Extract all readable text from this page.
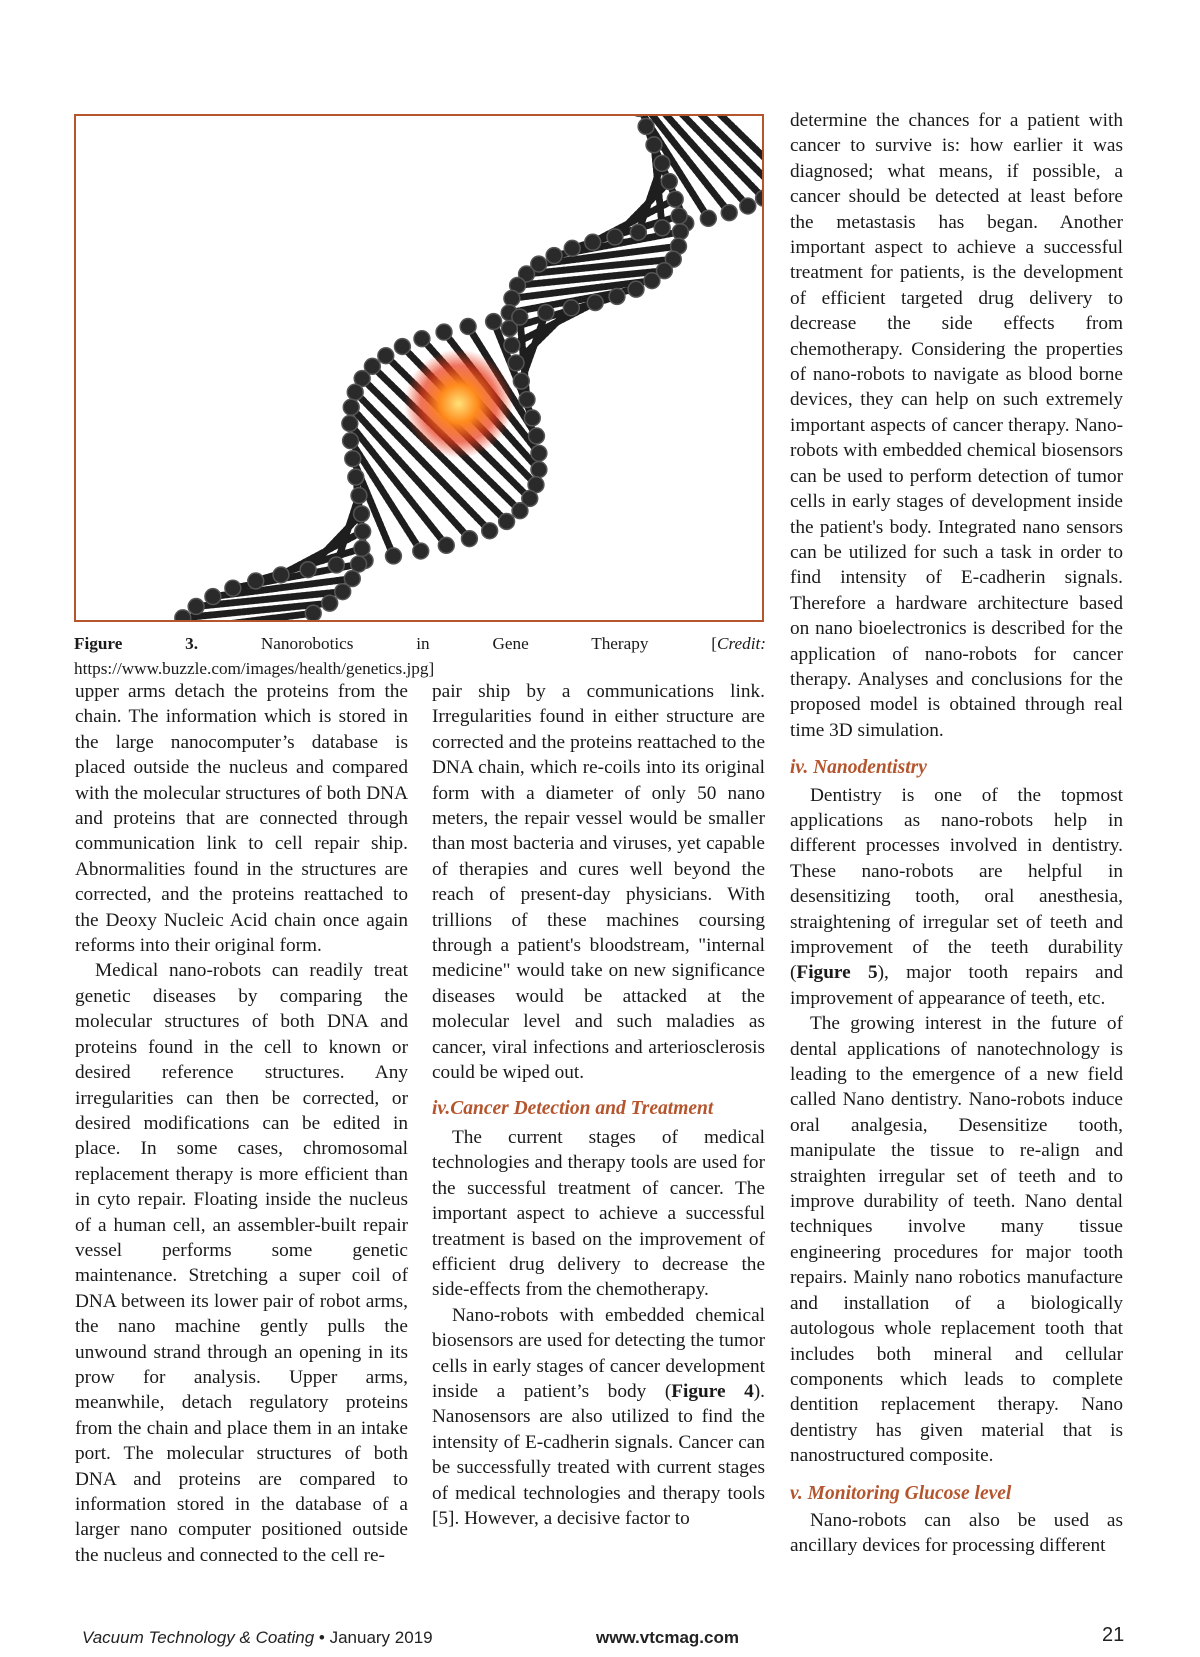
Figure 3. Nanorobotics in Gene Therapy [Credit: https://www.buzzle.com/images/health/genetics.jpg]

upper arms detach the proteins from the chain. The information which is stored in the large nanocomputer’s database is placed outside the nucleus and compared with the molecular structures of both DNA and proteins that are connected through communication link to cell repair ship. Abnormalities found in the structures are corrected, and the proteins reattached to the Deoxy Nucleic Acid chain once again reforms into their original form.

Medical nano-robots can readily treat genetic diseases by comparing the molecular structures of both DNA and proteins found in the cell to known or desired reference structures. Any irregularities can then be corrected, or desired modifications can be edited in place. In some cases, chromosomal replacement therapy is more efficient than in cyto repair. Floating inside the nucleus of a human cell, an assembler-built repair vessel performs some genetic maintenance. Stretching a super coil of DNA between its lower pair of robot arms, the nano machine gently pulls the unwound strand through an opening in its prow for analysis. Upper arms, meanwhile, detach regulatory proteins from the chain and place them in an intake port. The molecular structures of both DNA and proteins are compared to information stored in the database of a larger nano computer positioned outside the nucleus and connected to the cell re-

pair ship by a communications link. Irregularities found in either structure are corrected and the proteins reattached to the DNA chain, which re-coils into its original form with a diameter of only 50 nano meters, the repair vessel would be smaller than most bacteria and viruses, yet capable of therapies and cures well beyond the reach of present-day physicians. With trillions of these machines coursing through a patient's bloodstream, "internal medicine" would take on new significance diseases would be attacked at the molecular level and such maladies as cancer, viral infections and arteriosclerosis could be wiped out.

iv.Cancer Detection and Treatment

The current stages of medical technologies and therapy tools are used for the successful treatment of cancer. The important aspect to achieve a successful treatment is based on the improvement of efficient drug delivery to decrease the side-effects from the chemotherapy.

Nano-robots with embedded chemical biosensors are used for detecting the tumor cells in early stages of cancer development inside a patient’s body (Figure 4). Nanosensors are also utilized to find the intensity of E-cadherin signals. Cancer can be successfully treated with current stages of medical technologies and therapy tools [5]. However, a decisive factor to

determine the chances for a patient with cancer to survive is: how earlier it was diagnosed; what means, if possible, a cancer should be detected at least before the metastasis has began. Another important aspect to achieve a successful treatment for patients, is the development of efficient targeted drug delivery to decrease the side effects from chemotherapy. Considering the properties of nano-robots to navigate as blood borne devices, they can help on such extremely important aspects of cancer therapy. Nano-robots with embedded chemical biosensors can be used to perform detection of tumor cells in early stages of development inside the patient's body. Integrated nano sensors can be utilized for such a task in order to find intensity of E-cadherin signals. Therefore a hardware architecture based on nano bioelectronics is described for the application of nano-robots for cancer therapy. Analyses and conclusions for the proposed model is obtained through real time 3D simulation.

iv. Nanodentistry

Dentistry is one of the topmost applications as nano-robots help in different processes involved in dentistry. These nano-robots are helpful in desensitizing tooth, oral anesthesia, straightening of irregular set of teeth and improvement of the teeth durability (Figure 5), major tooth repairs and improvement of appearance of teeth, etc.

The growing interest in the future of dental applications of nanotechnology is leading to the emergence of a new field called Nano dentistry. Nano-robots induce oral analgesia, Desensitize tooth, manipulate the tissue to re-align and straighten irregular set of teeth and to improve durability of teeth. Nano dental techniques involve many tissue engineering procedures for major tooth repairs. Mainly nano robotics manufacture and installation of a biologically autologous whole replacement tooth that includes both mineral and cellular components which leads to complete dentition replacement therapy. Nano dentistry has given material that is nanostructured composite.

v. Monitoring Glucose level

Nano-robots can also be used as ancillary devices for processing different

Vacuum Technology & Coating • January 2019	www.vtcmag.com	21
